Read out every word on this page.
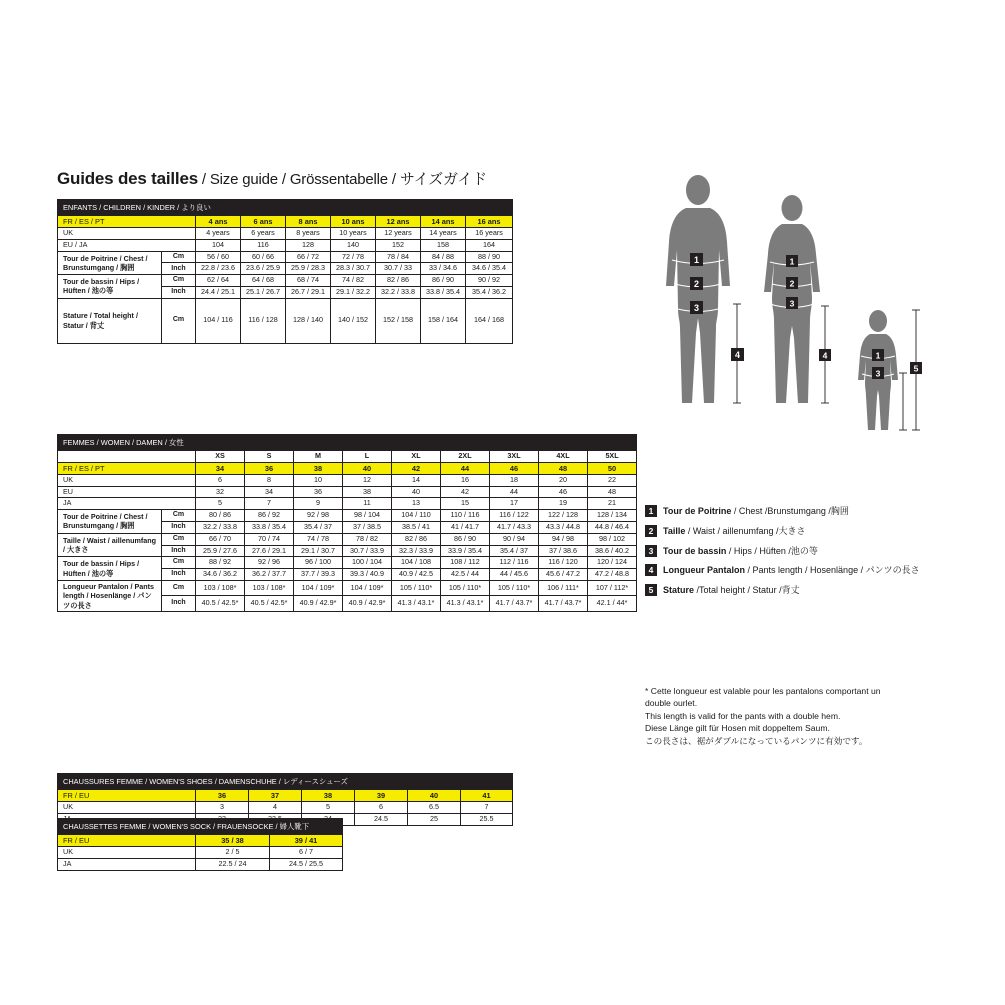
Guides des tailles / Size guide / Grössentabelle / サイズガイド
ENFANTS / CHILDREN / KINDER / より良い								
FR / ES / PT		4 ans	6 ans	8 ans	10 ans	12 ans	14 ans	16 ans
UK		4 years	6 years	8 years	10 years	12 years	14 years	16 years
EU / JA		104	116	128	140	152	158	164
Tour de Poitrine / Chest / Brunstumgang / 胸囲	Cm	56 / 60	60 / 66	66 / 72	72 / 78	78 / 84	84 / 88	88 / 90
	Inch	22.8 / 23.6	23.6 / 25.9	25.9 / 28.3	28.3 / 30.7	30.7 / 33	33 / 34.6	34.6 / 35.4
Tour de bassin / Hips / Hüften / 池の等	Cm	62 / 64	64 / 68	68 / 74	74 / 82	82 / 86	86 / 90	90 / 92
	Inch	24.4 / 25.1	25.1 / 26.7	26.7 / 29.1	29.1 / 32.2	32.2 / 33.8	33.8 / 35.4	35.4 / 36.2
Stature / Total height / Statur / 背丈	Cm	104 / 116	116 / 128	128 / 140	140 / 152	152 / 158	158 / 164	164 / 168
FEMMES / WOMEN / DAMEN / 女性										
		XS	S	M	L	XL	2XL	3XL	4XL	5XL
FR / ES / PT		34	36	38	40	42	44	46	48	50
UK		6	8	10	12	14	16	18	20	22
EU		32	34	36	38	40	42	44	46	48
JA		5	7	9	11	13	15	17	19	21
Tour de Poitrine / Chest / Brunstumgang / 胸囲	Cm	80 / 86	86 / 92	92 / 98	98 / 104	104 / 110	110 / 116	116 / 122	122 / 128	128 / 134
	Inch	32.2 / 33.8	33.8 / 35.4	35.4 / 37	37 / 38.5	38.5 / 41	41 / 41.7	41.7 / 43.3	43.3 / 44.8	44.8 / 46.4
Taille / Waist / aillenumfang / 大きさ	Cm	66 / 70	70 / 74	74 / 78	78 / 82	82 / 86	86 / 90	90 / 94	94 / 98	98 / 102
	Inch	25.9 / 27.6	27.6 / 29.1	29.1 / 30.7	30.7 / 33.9	32.3 / 33.9	33.9 / 35.4	35.4 / 37	37 / 38.6	38.6 / 40.2
Tour de bassin / Hips / Hüften / 池の等	Cm	88 / 92	92 / 96	96 / 100	100 / 104	104 / 108	108 / 112	112 / 116	116 / 120	120 / 124
	Inch	34.6 / 36.2	36.2 / 37.7	37.7 / 39.3	39.3 / 40.9	40.9 / 42.5	42.5 / 44	44 / 45.6	45.6 / 47.2	47.2 / 48.8
Longueur Pantalon / Pants length / Hosenlänge / パンツの長さ	Cm	103 / 108*	103 / 108*	104 / 109*	104 / 109*	105 / 110*	105 / 110*	105 / 110*	106 / 111*	107 / 112*
	Inch	40.5 / 42.5*	40.5 / 42.5*	40.9 / 42.9*	40.9 / 42.9*	41.3 / 43.1*	41.3 / 43.1*	41.7 / 43.7*	41.7 / 43.7*	42.1 / 44*
CHAUSSURES FEMME / WOMEN'S SHOES / DAMENSCHUHE / レディースシューズ						
FR / EU	36	37	38	39	40	41
UK	3	4	5	6	6.5	7
				24.5	25	25.5
CHAUSSETTES FEMME / WOMEN'S SOCK / FRAUENSOCKE / 婦人靴下		
FR / EU	35 / 38	39 / 41
UK	2 / 5	6 / 7
JA	22.5 / 24	24.5 / 25.5
1
2
3
4
1
2
3
4	1
3	5
1	Tour de Poitrine / Chest /Brunstumgang /胸囲
2	Taille / Waist / aillenumfang /大きさ
3	Tour de bassin / Hips / Hüften /池の等
4	Longueur Pantalon / Pants length / Hosenlänge / パンツの長さ
5	Stature /Total height / Statur /背丈
* Cette longueur est valable pour les pantalons comportant un
double ourlet.
This length is valid for the pants with a double hem.
Diese Länge gilt für Hosen mit doppeltem Saum.
この長さは、裾がダブルになっているパンツに有効です。
